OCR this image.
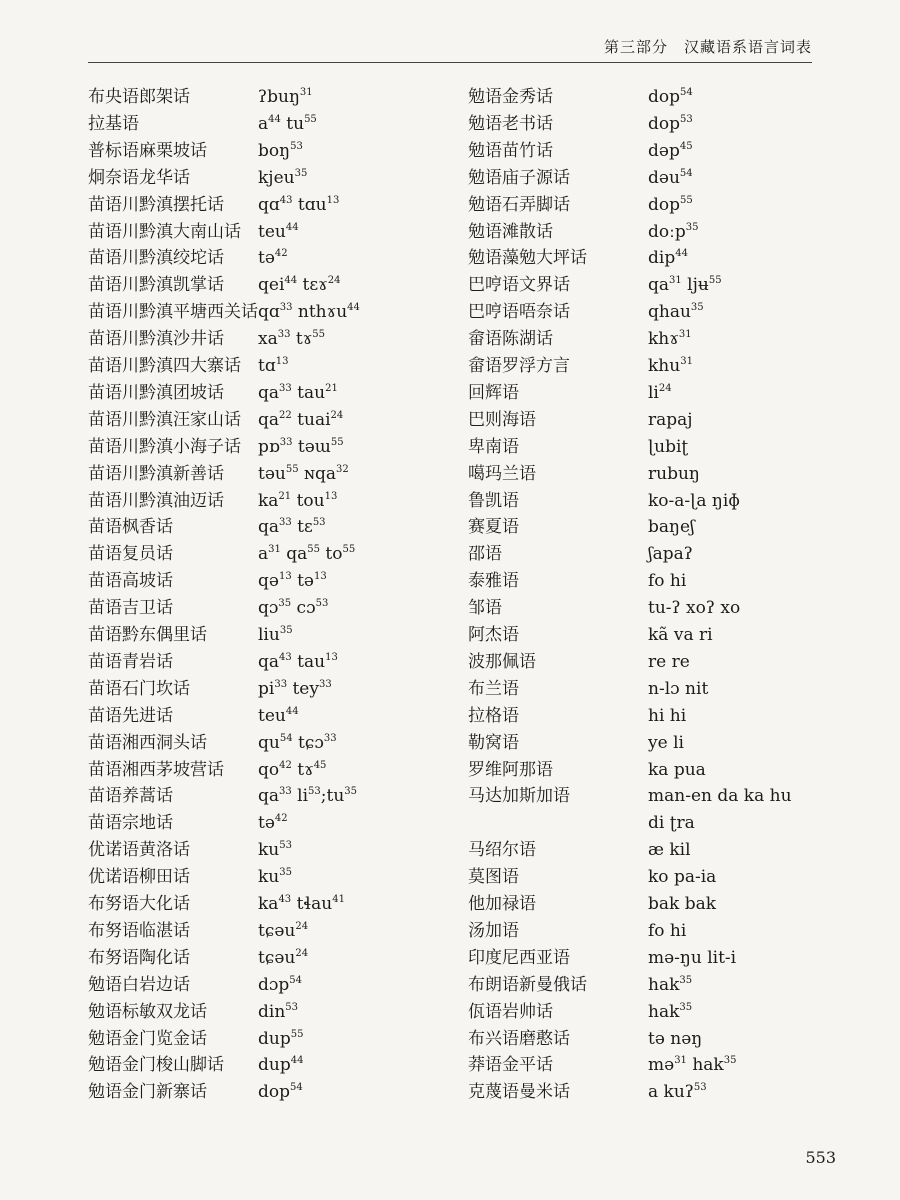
第三部分　汉藏语系语言词表
布央语郎架话	ʔbuŋ$^{31}$
拉基语	$a^{44}$ $tu^{55}$
普标语麻栗坡话	boŋ$^{53}$
炯奈语龙华话	kjeu$^{35}$
苗语川黔滇摆托话 qɑ$^{43}$ tɑu$^{13}$
苗语川黔滇大南山话 teu$^{44}$
苗语川黔滇绞坨话 tə$^{42}$
苗语川黔滇凯掌话 qei$^{44}$ tɛɤ$^{24}$
苗语川黔滇平塘西关话 qɑ$^{33}$ nthɤu$^{44}$
苗语川黔滇沙井话 $xa^{33}$ tɤ$^{55}$
苗语川黔滇四大寨话 tɑ$^{13}$
苗语川黔滇团坡话 $qa^{33}$ tau$^{21}$
苗语川黔滇汪家山话 $qa^{22}$ tuai$^{24}$
苗语川黔滇小海子话 pɒ$^{33}$ təɯ$^{55}$
苗语川黔滇新善话 təu$^{55}$ ɴqa$^{32}$
苗语川黔滇油迈话 $ka^{21}$ tou$^{13}$
苗语枫香话	$qa^{33}$ tɛ$^{53}$
苗语复员话	$a^{31}$ $qa^{55}$ $to^{55}$
苗语高坡话	qə$^{13}$ tə$^{13}$
苗语吉卫话	qɔ$^{35}$ cɔ$^{53}$
苗语黔东偶里话	liu$^{35}$
苗语青岩话	$qa^{43}$ tau$^{13}$
苗语石门坎话	$pi^{33}$ tey$^{33}$
苗语先进话	teu$^{44}$
苗语湘西洞头话	$qu^{54}$ tɕɔ$^{33}$
苗语湘西茅坡营话 $qo^{42}$ tɤ$^{45}$
苗语养蒿话	$qa^{33}$ $li^{53};tu^{35}$
苗语宗地话	tə$^{42}$
优诺语黄洛话	$ku^{53}$
优诺语柳田话	$ku^{35}$
布努语大化话	$ka^{43}$ tɬau$^{41}$
布努语临湛话	tɕəu$^{24}$
布努语陶化话	tɕəu$^{24}$
勉语白岩边话	dɔp$^{54}$
勉语标敏双龙话	din$^{53}$
勉语金门览金话	dup$^{55}$
勉语金门梭山脚话 dup$^{44}$
勉语金门新寨话	dop$^{54}$
勉语金秀话	dop$^{54}$
勉语老书话	dop$^{53}$
勉语苗竹话	dəp$^{45}$
勉语庙子源话	dəu$^{54}$
勉语石弄脚话	dop$^{55}$
勉语滩散话	doːp$^{35}$
勉语藻勉大坪话	dip$^{44}$
巴哼语文界话	$qa^{31}$ ljʉ$^{55}$
巴哼语唔奈话	qhau$^{35}$
畲语陈湖话	khɤ$^{31}$
畲语罗浮方言	khu$^{31}$
回辉语	$li^{24}$
巴则海语	rapaj
卑南语	ɭubiʈ
噶玛兰语	rubuŋ
鲁凯语	ko-a-ɭa ŋiɸ
赛夏语	baŋeʃ
邵语	ʃapaʔ
泰雅语	fo hi
邹语	tu-ʔ xoʔ xo
阿杰语	kã va ri
波那佩语	re re
布兰语	n-lɔ nit
拉格语	hi hi
勒窝语	ye li
罗维阿那语	ka pua
马达加斯加语	man-en da ka hu
di ʈra
马绍尔语	æ kil
莫图语	ko pa-ia
他加禄语	bak bak
汤加语	fo hi
印度尼西亚语	mə-ŋu lit-i
布朗语新曼俄话	hak$^{35}$
佤语岩帅话	hak$^{35}$
布兴语磨憨话	tə nəŋ
莽语金平话	mə$^{31}$ hak$^{35}$
克蔑语曼米话	a kuʔ$^{53}$
553
